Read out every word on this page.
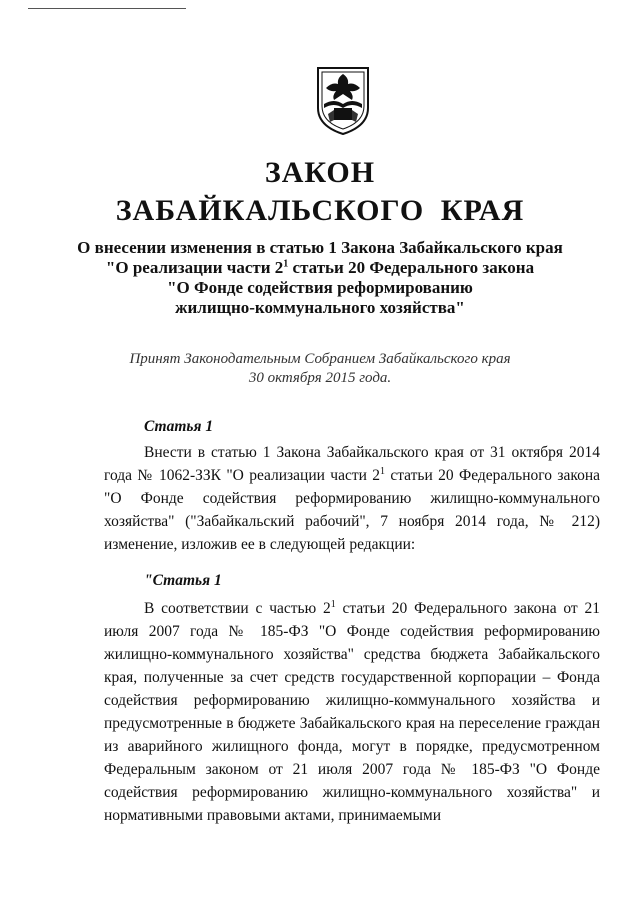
ЗАКОН
ЗАБАЙКАЛЬСКОГО КРАЯ
О внесении изменения в статью 1 Закона Забайкальского края
"О реализации части $2^1$ статьи 20 Федерального закона
"О Фонде содействия реформированию
жилищно-коммунального хозяйства"
Принят Законодательным Собранием Забайкальского края
30 октября 2015 года.
Статья 1
Внести в статью 1 Закона Забайкальского края от 31 октября 2014 года № 1062-ЗЗК "О реализации части $2^1$ статьи 20 Федерального закона "О Фонде содействия реформированию жилищно-коммунального хозяйства" ("Забайкальский рабочий", 7 ноября 2014 года, № 212) изменение, изложив ее в следующей редакции:
"Статья 1
В соответствии с частью $2^1$ статьи 20 Федерального закона от 21 июля 2007 года № 185-ФЗ "О Фонде содействия реформированию жилищно-коммунального хозяйства" средства бюджета Забайкальского края, полученные за счет средств государственной корпорации – Фонда содействия реформированию жилищно-коммунального хозяйства и предусмотренные в бюджете Забайкальского края на переселение граждан из аварийного жилищного фонда, могут в порядке, предусмотренном Федеральным законом от 21 июля 2007 года № 185-ФЗ "О Фонде содействия реформированию жилищно-коммунального хозяйства" и нормативными правовыми актами, принимаемыми
